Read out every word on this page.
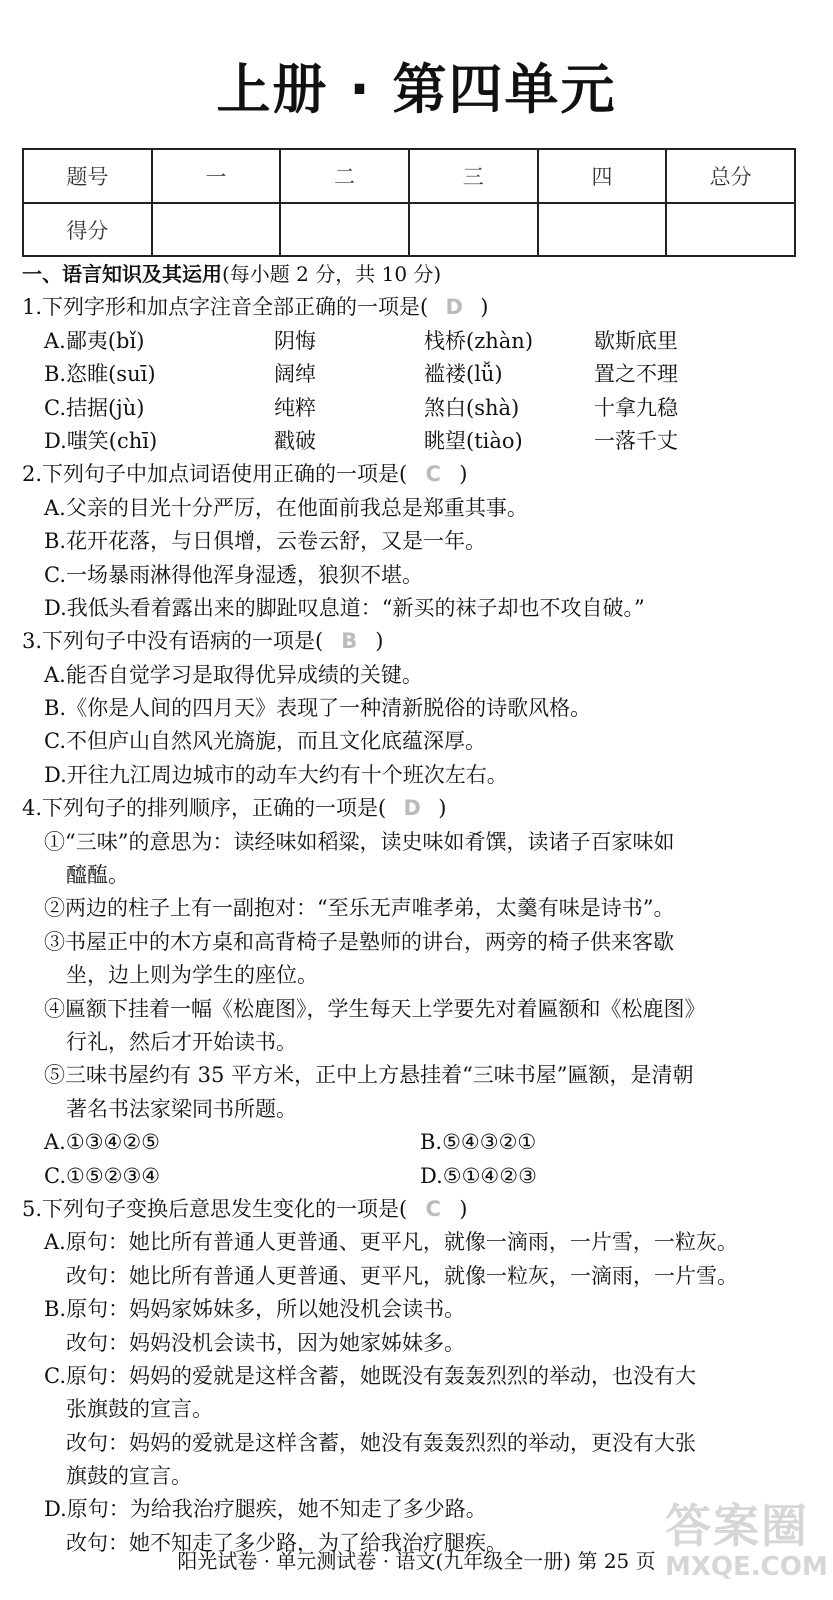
上册 · 第四单元
题号	一	二	三	四	总分
得分					
一、语言知识及其运用(每小题 2 分，共 10 分)
1.下列字形和加点字注音全部正确的一项是( D )
A.鄙夷(bǐ)	阴悔	栈桥(zhàn)	歇斯底里
B.恣睢(suī)	阔绰	褴褛(lǚ)	置之不理
C.拮据(jù)	纯粹	煞白(shà)	十拿九稳
D.嗤笑(chī)	戳破	眺望(tiào)	一落千丈
2.下列句子中加点词语使用正确的一项是( C )
A.父亲的目光十分严厉，在他面前我总是郑重其事。
B.花开花落，与日俱增，云卷云舒，又是一年。
C.一场暴雨淋得他浑身湿透，狼狈不堪。
D.我低头看着露出来的脚趾叹息道：“新买的袜子却也不攻自破。”
3.下列句子中没有语病的一项是( B )
A.能否自觉学习是取得优异成绩的关键。
B.《你是人间的四月天》表现了一种清新脱俗的诗歌风格。
C.不但庐山自然风光旖旎，而且文化底蕴深厚。
D.开往九江周边城市的动车大约有十个班次左右。
4.下列句子的排列顺序，正确的一项是( D )
①“三味”的意思为：读经味如稻粱，读史味如肴馔，读诸子百家味如
醯醢。
②两边的柱子上有一副抱对：“至乐无声唯孝弟，太羹有味是诗书”。
③书屋正中的木方桌和高背椅子是塾师的讲台，两旁的椅子供来客歇
坐，边上则为学生的座位。
④匾额下挂着一幅《松鹿图》，学生每天上学要先对着匾额和《松鹿图》
行礼，然后才开始读书。
⑤三味书屋约有 35 平方米，正中上方悬挂着“三味书屋”匾额，是清朝
著名书法家梁同书所题。
A.①③④②⑤	B.⑤④③②①
C.①⑤②③④	D.⑤①④②③
5.下列句子变换后意思发生变化的一项是( C )
A.原句：她比所有普通人更普通、更平凡，就像一滴雨，一片雪，一粒灰。
改句：她比所有普通人更普通、更平凡，就像一粒灰，一滴雨，一片雪。
B.原句：妈妈家姊妹多，所以她没机会读书。
改句：妈妈没机会读书，因为她家姊妹多。
C.原句：妈妈的爱就是这样含蓄，她既没有轰轰烈烈的举动，也没有大
张旗鼓的宣言。
改句：妈妈的爱就是这样含蓄，她没有轰轰烈烈的举动，更没有大张
旗鼓的宣言。
D.原句：为给我治疗腿疾，她不知走了多少路。
改句：她不知走了多少路，为了给我治疗腿疾。	答案圈
MXQE.COM
阳光试卷 · 单元测试卷 · 语文(九年级全一册) 第 25 页
